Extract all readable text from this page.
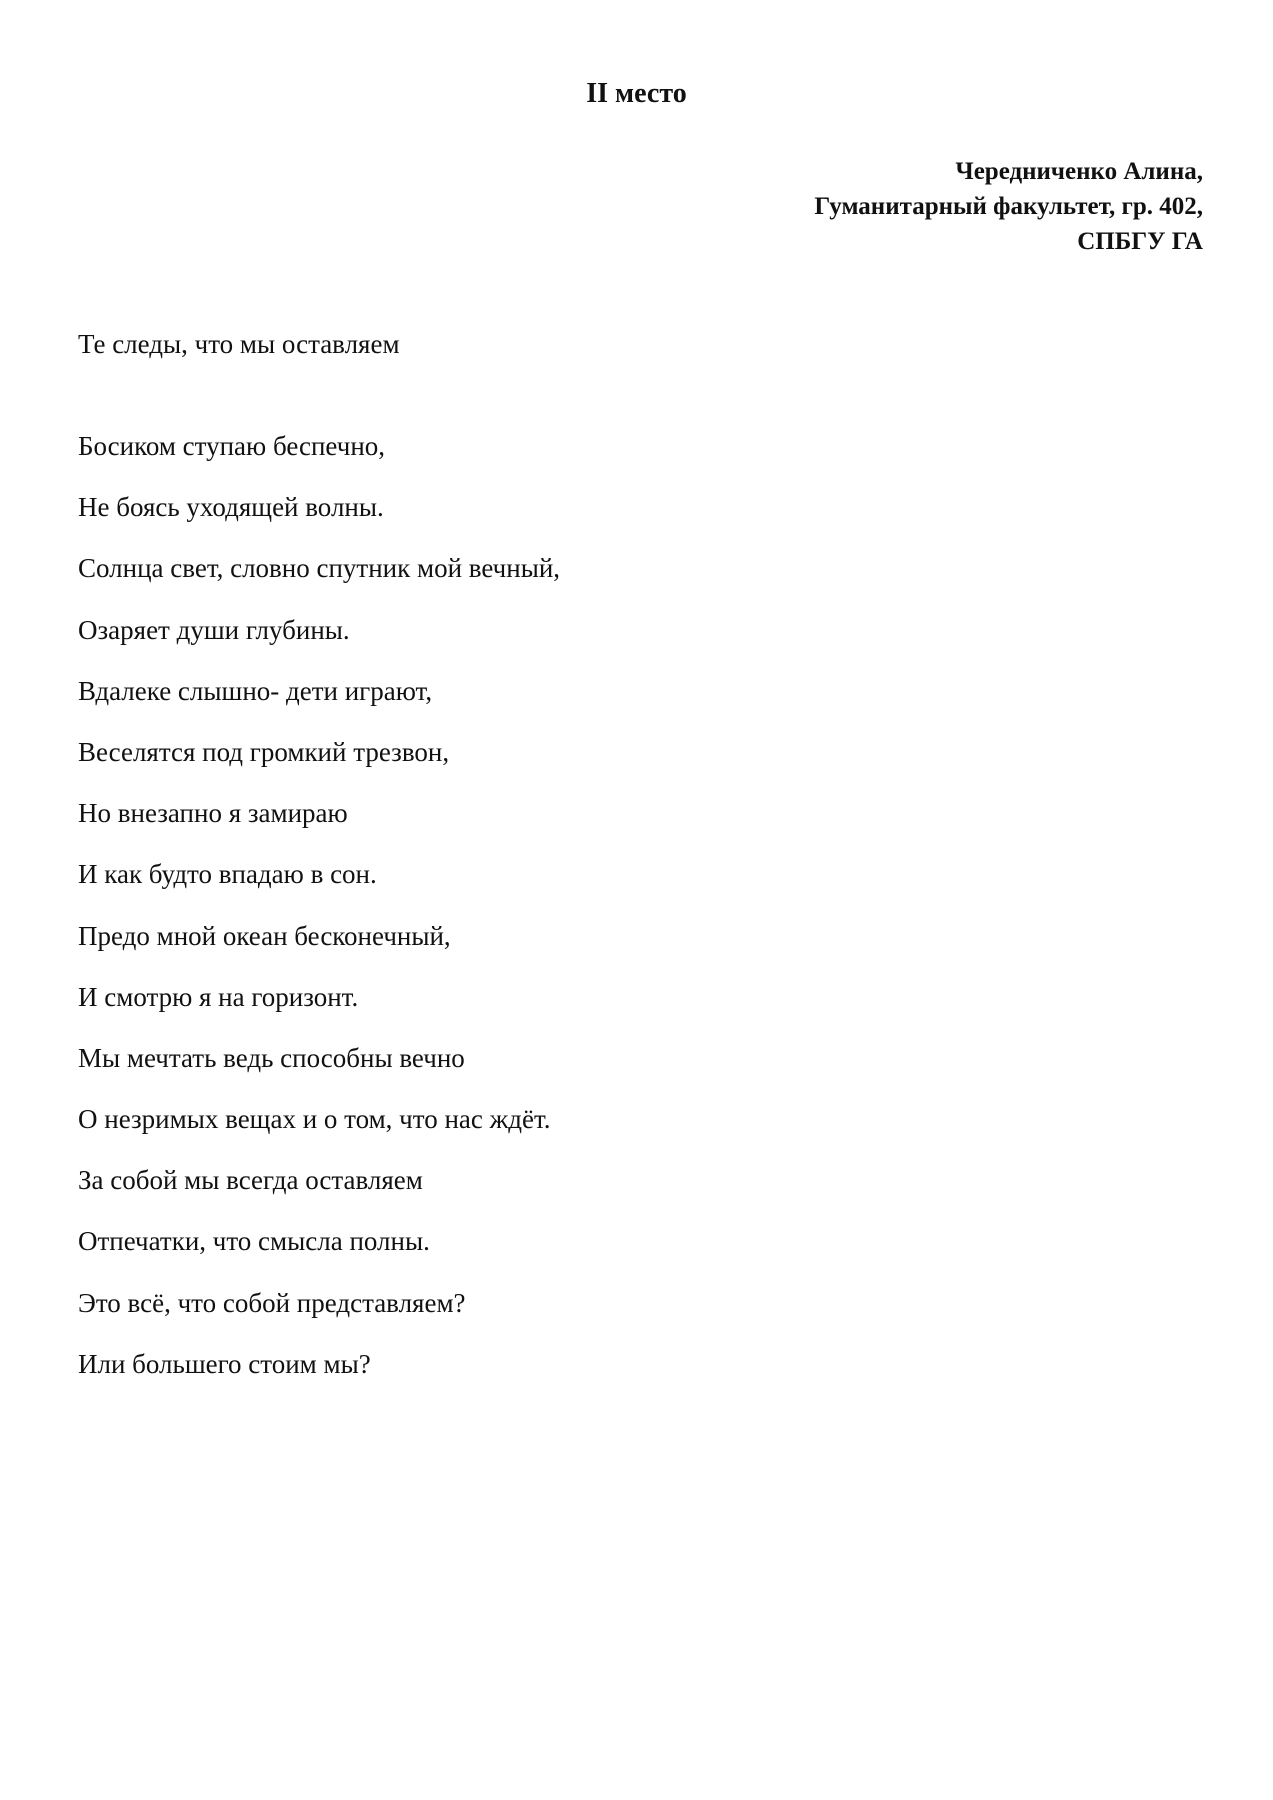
II место
Чередниченко Алина,
Гуманитарный факультет, гр. 402,
СПБГУ ГА
Те следы, что мы оставляем
Босиком ступаю беспечно,
Не боясь уходящей волны.
Солнца свет, словно спутник мой вечный,
Озаряет души глубины.
Вдалеке слышно- дети играют,
Веселятся под громкий трезвон,
Но внезапно я замираю
И как будто впадаю в сон.
Предо мной океан бесконечный,
И смотрю я на горизонт.
Мы мечтать ведь способны вечно
О незримых вещах и о том, что нас ждёт.
За собой мы всегда оставляем
Отпечатки, что смысла полны.
Это всё, что собой представляем?
Или большего стоим мы?
